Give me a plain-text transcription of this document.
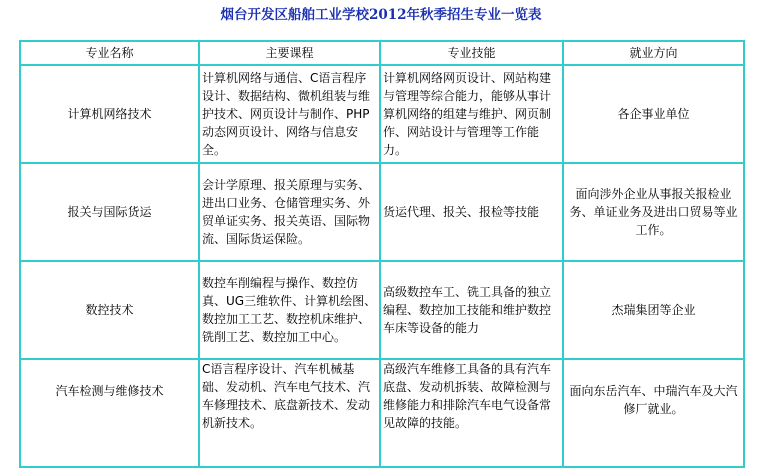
烟台开发区船舶工业学校2012年秋季招生专业一览表
专业名称	主要课程	专业技能	就业方向
计算机网络技术	计算机网络与通信、C语言程序设计、数据结构、微机组装与维护技术、网页设计与制作、PHP动态网页设计、网络与信息安全。	计算机网络网页设计、网站构建与管理等综合能力，能够从事计算机网络的组建与维护、网页制作、网站设计与管理等工作能力。	各企事业单位
报关与国际货运	会计学原理、报关原理与实务、进出口业务、仓储管理实务、外贸单证实务、报关英语、国际物流、国际货运保险。	货运代理、报关、报检等技能	面向涉外企业从事报关报检业务、单证业务及进出口贸易等业工作。
数控技术	数控车削编程与操作、数控仿真、UG三维软件、计算机绘图、数控加工工艺、数控机床维护、铣削工艺、数控加工中心。	高级数控车工、铣工具备的独立编程、数控加工技能和维护数控车床等设备的能力	杰瑞集团等企业
汽车检测与维修技术	C语言程序设计、汽车机械基础、发动机、汽车电气技术、汽车修理技术、底盘新技术、发动机新技术。	高级汽车维修工具备的具有汽车底盘、发动机拆装、故障检测与维修能力和排除汽车电气设备常见故障的技能。	面向东岳汽车、中瑞汽车及大汽修厂就业。
